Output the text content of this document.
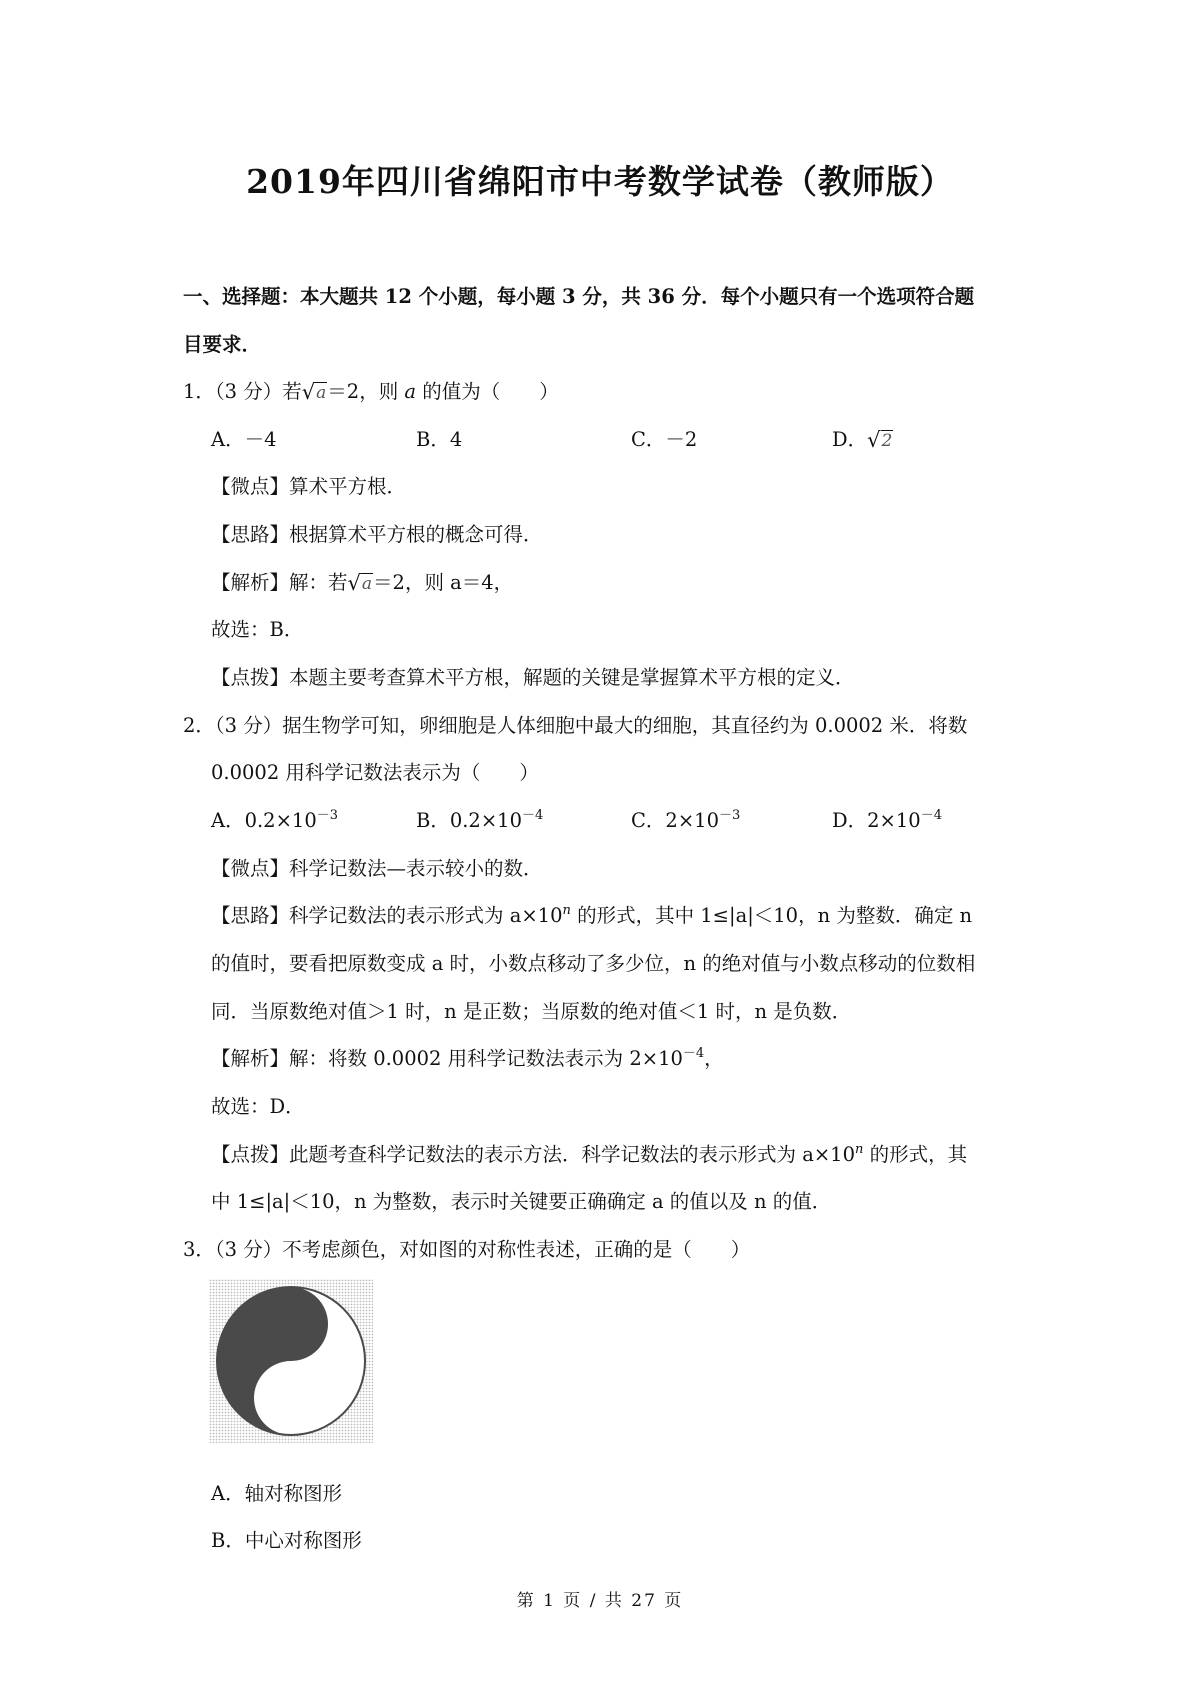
2019年四川省绵阳市中考数学试卷（教师版）
一、选择题：本大题共 12 个小题，每小题 3 分，共 36 分．每个小题只有一个选项符合题
目要求．
1．（3 分）若√a＝2，则 a 的值为（　　）
A．－4	B．4	C．－2	D．√2
【微点】算术平方根．
【思路】根据算术平方根的概念可得．
【解析】解：若√a＝2，则 a＝4，
故选：B．
【点拨】本题主要考查算术平方根，解题的关键是掌握算术平方根的定义．
2．（3 分）据生物学可知，卵细胞是人体细胞中最大的细胞，其直径约为 0.0002 米．将数
0.0002 用科学记数法表示为（　　）
A．$0.2\times 10^{-3}$	B．$0.2\times 10^{-4}$	C．$2\times 10^{-3}$	D．$2\times 10^{-4}$
【微点】科学记数法—表示较小的数．
【思路】科学记数法的表示形式为 $a\times 10^n$ 的形式，其中 1≤|a|＜10，n 为整数．确定 n
的值时，要看把原数变成 a 时，小数点移动了多少位，n 的绝对值与小数点移动的位数相
同．当原数绝对值＞1 时，n 是正数；当原数的绝对值＜1 时，n 是负数．
【解析】解：将数 0.0002 用科学记数法表示为 $2\times 10^{-4}$，
故选：D．
【点拨】此题考查科学记数法的表示方法．科学记数法的表示形式为 $a\times 10^n$ 的形式，其
中 1≤|a|＜10，n 为整数，表示时关键要正确确定 a 的值以及 n 的值．
3．（3 分）不考虑颜色，对如图的对称性表述，正确的是（　　）
A．轴对称图形
B．中心对称图形
第 1 页 / 共 27 页
